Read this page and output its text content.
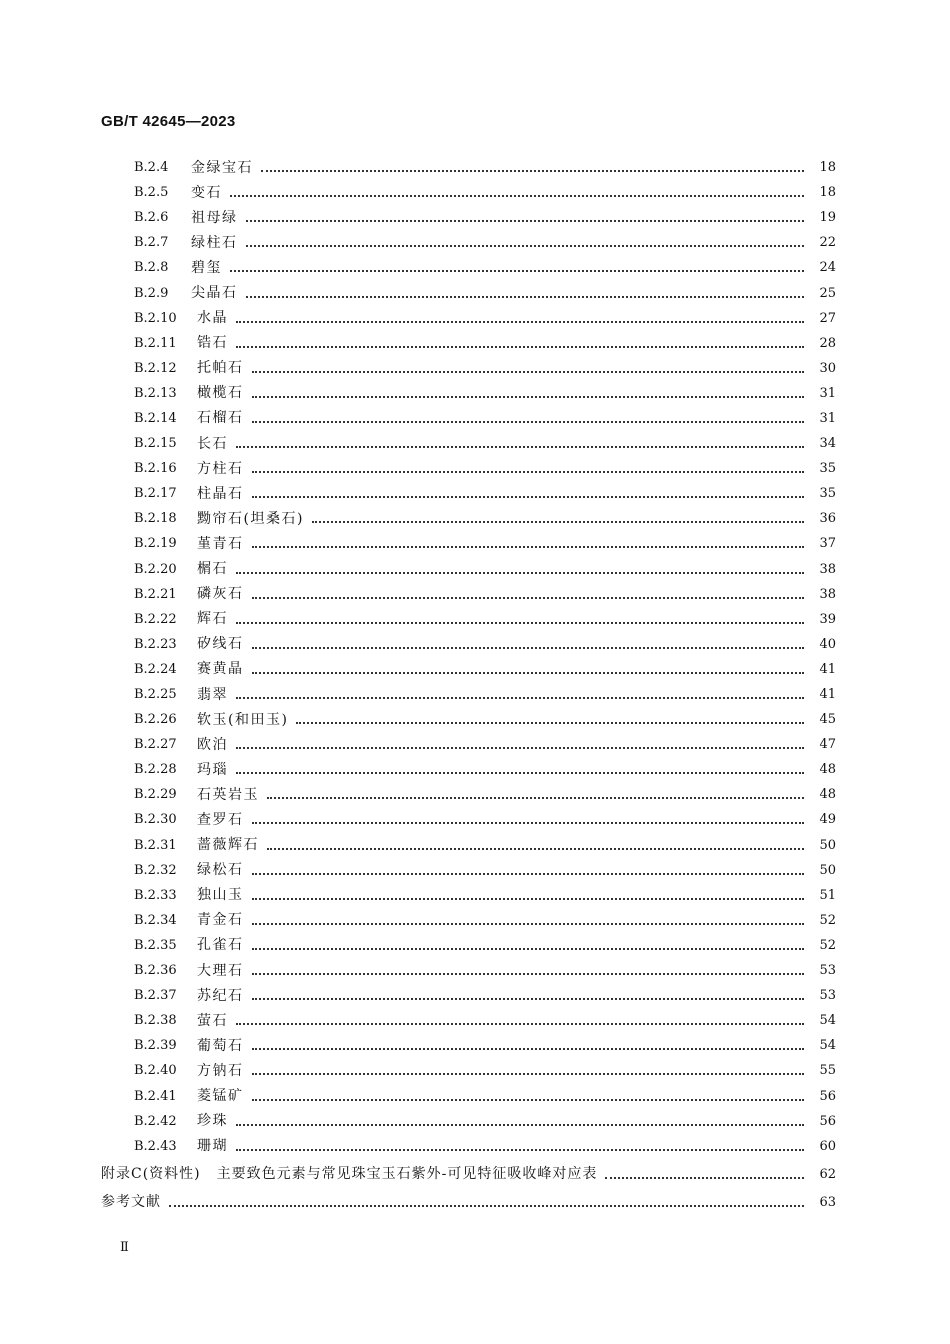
GB/T 42645—2023
B.2.4	金绿宝石	18
B.2.5	变石	18
B.2.6	祖母绿	19
B.2.7	绿柱石	22
B.2.8	碧玺	24
B.2.9	尖晶石	25
B.2.10	水晶	27
B.2.11	锆石	28
B.2.12	托帕石	30
B.2.13	橄榄石	31
B.2.14	石榴石	31
B.2.15	长石	34
B.2.16	方柱石	35
B.2.17	柱晶石	35
B.2.18	黝帘石(坦桑石)	36
B.2.19	堇青石	37
B.2.20	榍石	38
B.2.21	磷灰石	38
B.2.22	辉石	39
B.2.23	矽线石	40
B.2.24	赛黄晶	41
B.2.25	翡翠	41
B.2.26	软玉(和田玉)	45
B.2.27	欧泊	47
B.2.28	玛瑙	48
B.2.29	石英岩玉	48
B.2.30	查罗石	49
B.2.31	蔷薇辉石	50
B.2.32	绿松石	50
B.2.33	独山玉	51
B.2.34	青金石	52
B.2.35	孔雀石	52
B.2.36	大理石	53
B.2.37	苏纪石	53
B.2.38	萤石	54
B.2.39	葡萄石	54
B.2.40	方钠石	55
B.2.41	菱锰矿	56
B.2.42	珍珠	56
B.2.43	珊瑚	60
附录C(资料性) 主要致色元素与常见珠宝玉石紫外-可见特征吸收峰对应表	62
参考文献	63
Ⅱ
